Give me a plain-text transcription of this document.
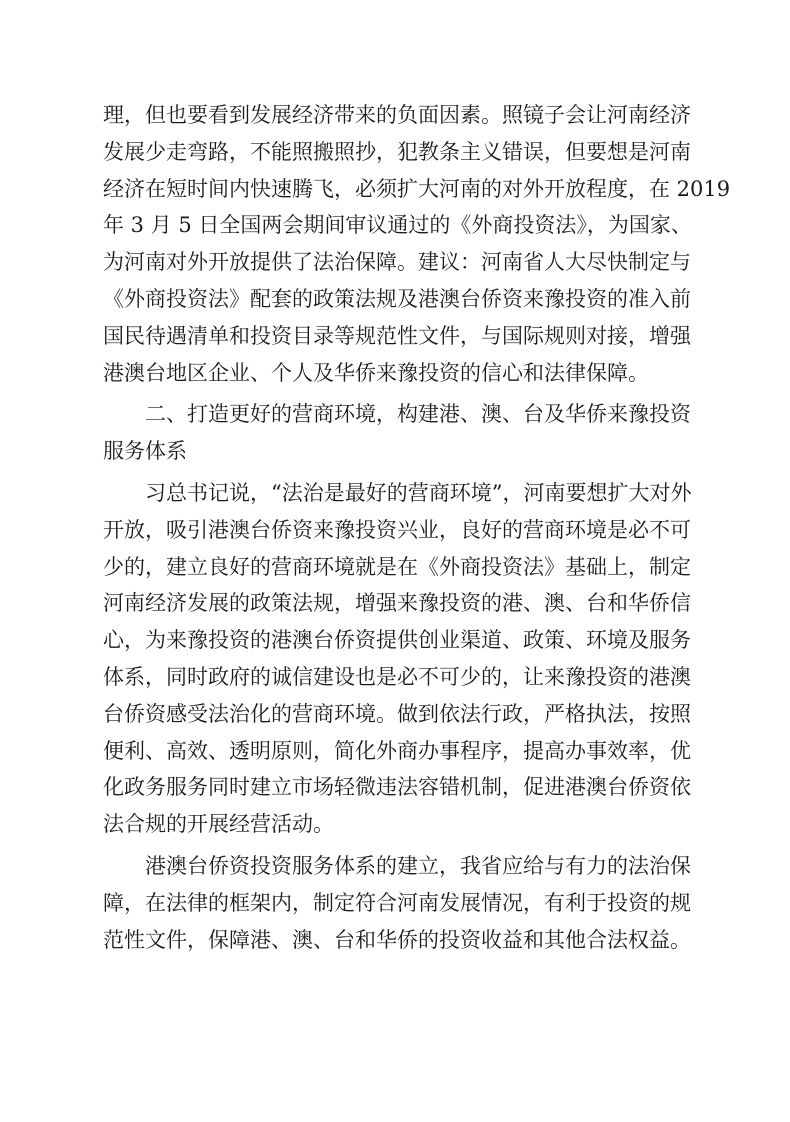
理，但也要看到发展经济带来的负面因素。照镜子会让河南经济
发展少走弯路，不能照搬照抄，犯教条主义错误，但要想是河南
经济在短时间内快速腾飞，必须扩大河南的对外开放程度，在 2019
年 3 月 5 日全国两会期间审议通过的《外商投资法》，为国家、
为河南对外开放提供了法治保障。建议：河南省人大尽快制定与
《外商投资法》配套的政策法规及港澳台侨资来豫投资的准入前
国民待遇清单和投资目录等规范性文件，与国际规则对接，增强
港澳台地区企业、个人及华侨来豫投资的信心和法律保障。
　　二、打造更好的营商环境，构建港、澳、台及华侨来豫投资
服务体系
　　习总书记说，“法治是最好的营商环境”，河南要想扩大对外
开放，吸引港澳台侨资来豫投资兴业，良好的营商环境是必不可
少的，建立良好的营商环境就是在《外商投资法》基础上，制定
河南经济发展的政策法规，增强来豫投资的港、澳、台和华侨信
心，为来豫投资的港澳台侨资提供创业渠道、政策、环境及服务
体系，同时政府的诚信建设也是必不可少的，让来豫投资的港澳
台侨资感受法治化的营商环境。做到依法行政，严格执法，按照
便利、高效、透明原则，简化外商办事程序，提高办事效率，优
化政务服务同时建立市场轻微违法容错机制，促进港澳台侨资依
法合规的开展经营活动。
　　港澳台侨资投资服务体系的建立，我省应给与有力的法治保
障，在法律的框架内，制定符合河南发展情况，有利于投资的规
范性文件，保障港、澳、台和华侨的投资收益和其他合法权益。
